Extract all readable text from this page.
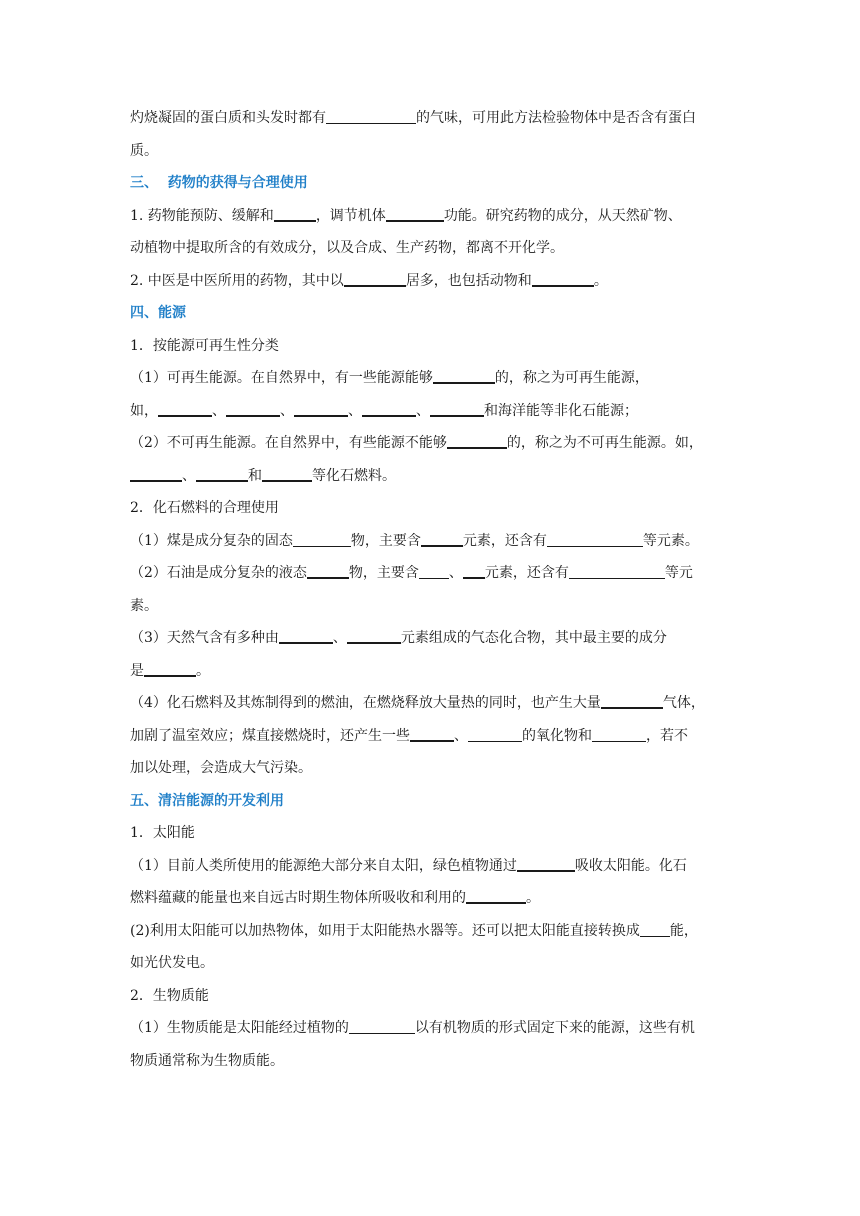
灼烧凝固的蛋白质和头发时都有	的气味，可用此方法检验物体中是否含有蛋白

质。

三、  药物的获得与合理使用

1. 药物能预防、缓解和	，调节机体	功能。研究药物的成分，从天然矿物、

动植物中提取所含的有效成分，以及合成、生产药物，都离不开化学。

2. 中医是中医所用的药物，其中以	居多，也包括动物和	。

四、能源

1．按能源可再生性分类

（1）可再生能源。在自然界中，有一些能源能够	的，称之为可再生能源，

如，	、	、	、	、	和海洋能等非化石能源；

（2）不可再生能源。在自然界中，有些能源不能够	的，称之为不可再生能源。如，

、	和	等化石燃料。

2．化石燃料的合理使用

（1）煤是成分复杂的固态	物，主要含	元素，还含有	等元素。

（2）石油是成分复杂的液态	物，主要含 、 元素，还含有	等元

素。

（3）天然气含有多种由	、	元素组成的气态化合物，其中最主要的成分

是	。

（4）化石燃料及其炼制得到的燃油，在燃烧释放大量热的同时，也产生大量	气体，

加剧了温室效应；煤直接燃烧时，还产生一些	、	的氧化物和	，若不

加以处理，会造成大气污染。

五、清洁能源的开发利用

1．太阳能

（1）目前人类所使用的能源绝大部分来自太阳，绿色植物通过	吸收太阳能。化石

燃料蕴藏的能量也来自远古时期生物体所吸收和利用的	。

(2)利用太阳能可以加热物体，如用于太阳能热水器等。还可以把太阳能直接转换成 能，

如光伏发电。

2．生物质能

（1）生物质能是太阳能经过植物的	以有机物质的形式固定下来的能源，这些有机

物质通常称为生物质能。
